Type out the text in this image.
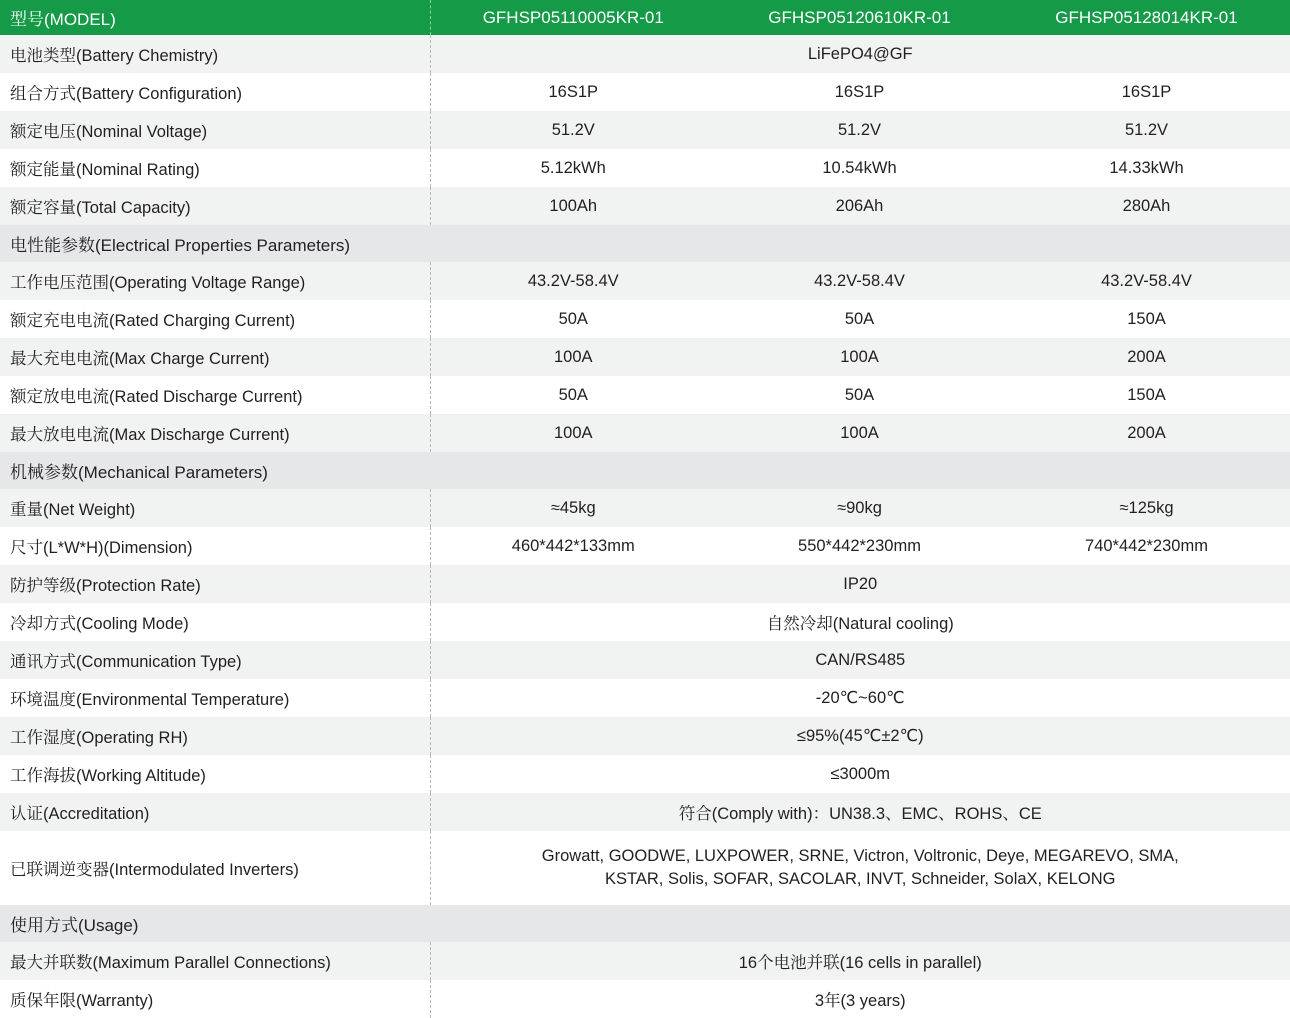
型号(MODEL)	GFHSP05110005KR-01	GFHSP05120610KR-01	GFHSP05128014KR-01
电池类型(Battery Chemistry)	LiFePO4@GF		
组合方式(Battery Configuration)	16S1P	16S1P	16S1P
额定电压(Nominal Voltage)	51.2V	51.2V	51.2V
额定能量(Nominal Rating)	5.12kWh	10.54kWh	14.33kWh
额定容量(Total Capacity)	100Ah	206Ah	280Ah
电性能参数(Electrical Properties Parameters)			
工作电压范围(Operating Voltage Range)	43.2V-58.4V	43.2V-58.4V	43.2V-58.4V
额定充电电流(Rated Charging Current)	50A	50A	150A
最大充电电流(Max Charge Current)	100A	100A	200A
额定放电电流(Rated Discharge Current)	50A	50A	150A
最大放电电流(Max Discharge Current)	100A	100A	200A
机械参数(Mechanical Parameters)			
重量(Net Weight)	≈45kg	≈90kg	≈125kg
尺寸(L*W*H)(Dimension)	460*442*133mm	550*442*230mm	740*442*230mm
防护等级(Protection Rate)	IP20		
冷却方式(Cooling Mode)	自然冷却(Natural cooling)		
通讯方式(Communication Type)	CAN/RS485		
环境温度(Environmental Temperature)	-20℃~60℃		
工作湿度(Operating RH)	≤95%(45℃±2℃)		
工作海拔(Working Altitude)	≤3000m		
认证(Accreditation)	符合(Comply with)：UN38.3、EMC、ROHS、CE		
已联调逆变器(Intermodulated Inverters)	Growatt, GOODWE, LUXPOWER, SRNE, Victron, Voltronic, Deye, MEGAREVO, SMA,
KSTAR, Solis, SOFAR, SACOLAR, INVT, Schneider, SolaX, KELONG		

使用方式(Usage)			
最大并联数(Maximum Parallel Connections)	16个电池并联(16 cells in parallel)		
质保年限(Warranty)	3年(3 years)		
